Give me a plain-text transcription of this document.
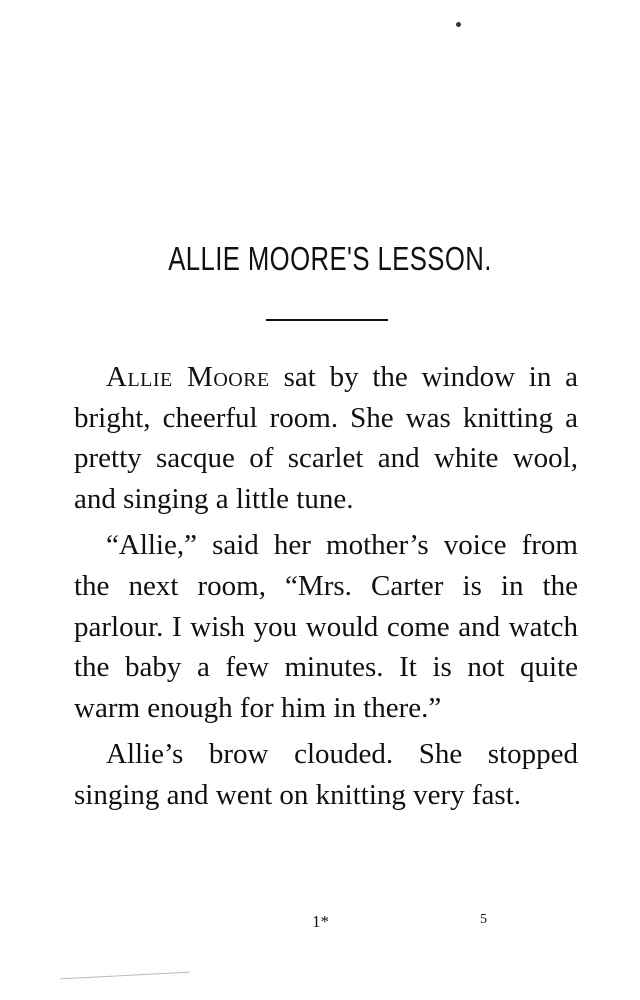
ALLIE MOORE'S LESSON.

Allie Moore sat by the window in a bright, cheerful room. She was knitting a pretty sacque of scarlet and white wool, and singing a little tune.

“Allie,” said her mother’s voice from the next room, “Mrs. Carter is in the parlour. I wish you would come and watch the baby a few minutes. It is not quite warm enough for him in there.”

Allie’s brow clouded. She stopped singing and went on knitting very fast.

1*	5
